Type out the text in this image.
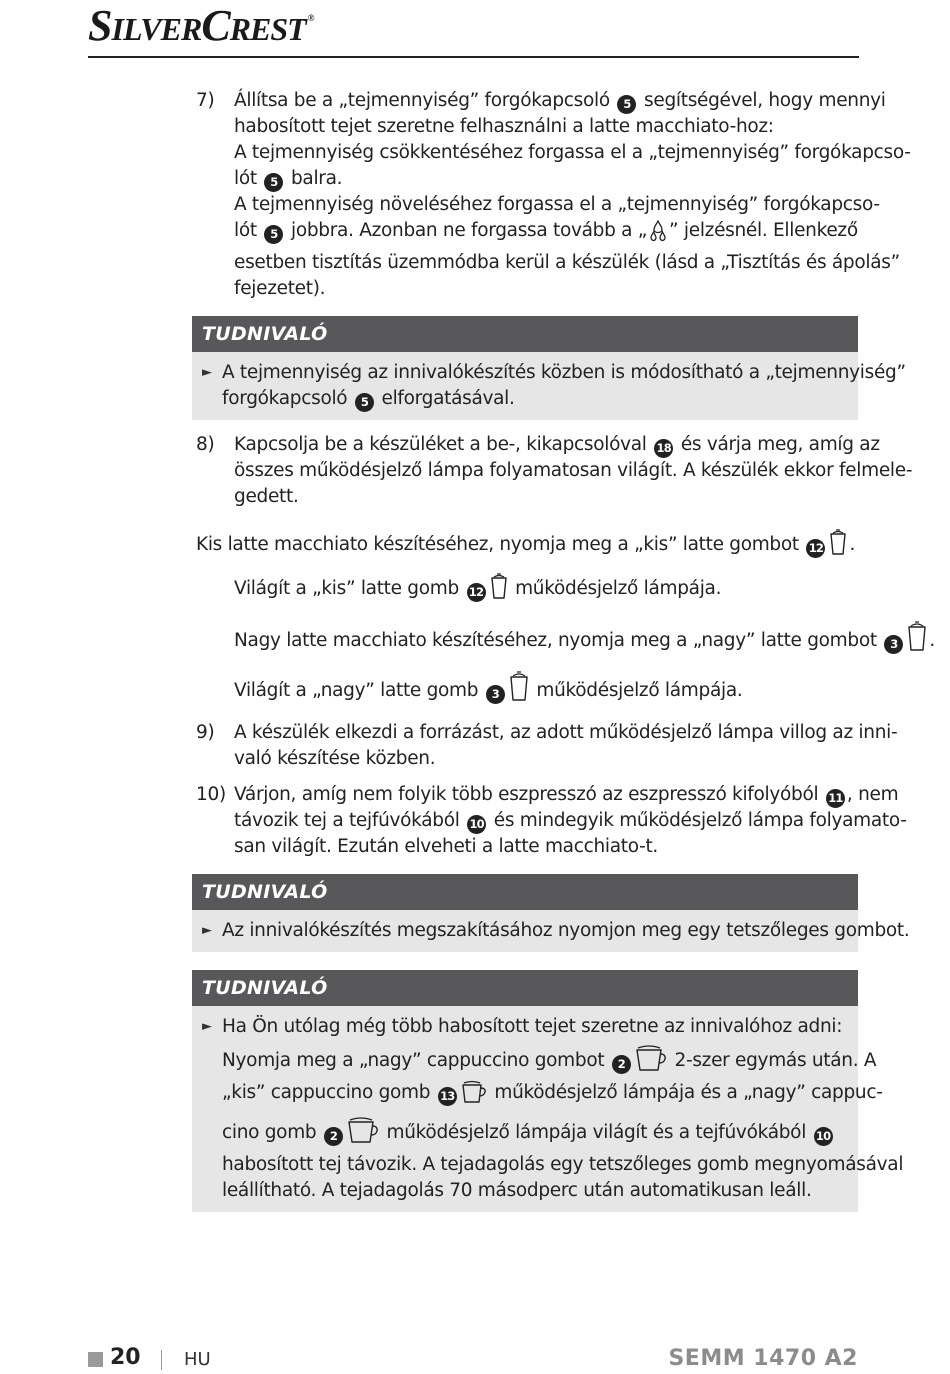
SILVERCREST ®
7)	Állítsa be a „tejmennyiség” forgókapcsoló 5 segítségével, hogy mennyi
habosított tejet szeretne felhasználni a latte macchiato-hoz:
A tejmennyiség csökkentéséhez forgassa el a „tejmennyiség” forgókapcso-
lót 5 balra.
A tejmennyiség növeléséhez forgassa el a „tejmennyiség” forgókapcso-
lót 5 jobbra. Azonban ne forgassa tovább a „ ” jelzésnél. Ellenkező
esetben tisztítás üzemmódba kerül a készülék (lásd a „Tisztítás és ápolás”
fejezetet).
TUDNIVALÓ
► A tejmennyiség az innivalókészítés közben is módosítható a „tejmennyiség”
forgókapcsoló 5 elforgatásával.
8)	Kapcsolja be a készüléket a be-, kikapcsolóval 18 és várja meg, amíg az
összes működésjelző lámpa folyamatosan világít. A készülék ekkor felmele-
gedett.
Kis latte macchiato készítéséhez, nyomja meg a „kis” latte gombot 12 .
Világít a „kis” latte gomb 12 működésjelző lámpája.
Nagy latte macchiato készítéséhez, nyomja meg a „nagy” latte gombot 3 .
Világít a „nagy” latte gomb 3 működésjelző lámpája.
9)	A készülék elkezdi a forrázást, az adott működésjelző lámpa villog az inni-
való készítése közben.
10) Várjon, amíg nem folyik több eszpresszó az eszpresszó kifolyóból 11 , nem
távozik tej a tejfúvókából 10 és mindegyik működésjelző lámpa folyamato-
san világít. Ezután elveheti a latte macchiato-t.
TUDNIVALÓ
► Az innivalókészítés megszakításához nyomjon meg egy tetszőleges gombot.
TUDNIVALÓ
► Ha Ön utólag még több habosított tejet szeretne az innivalóhoz adni:
Nyomja meg a „nagy” cappuccino gombot 2 2-szer egymás után. A
„kis” cappuccino gomb 13 működésjelző lámpája és a „nagy” cappuc-
cino gomb 2 működésjelző lámpája világít és a tejfúvókából 10
habosított tej távozik. A tejadagolás egy tetszőleges gomb megnyomásával
leállítható. A tejadagolás 70 másodperc után automatikusan leáll.
20 HU	SEMM 1470 A2
